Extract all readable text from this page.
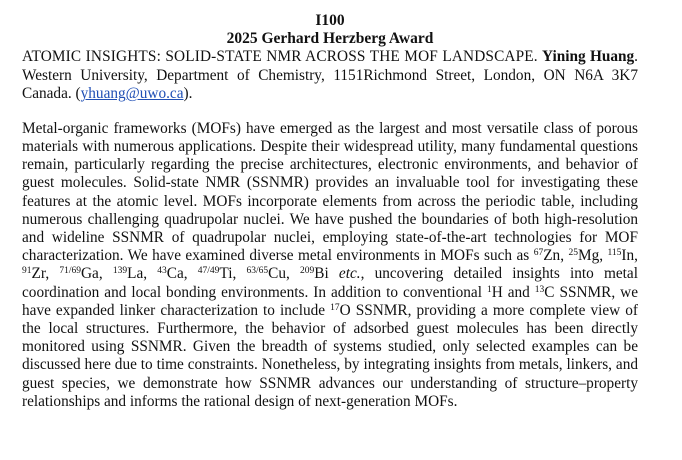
I100
2025 Gerhard Herzberg Award

ATOMIC INSIGHTS: SOLID-STATE NMR ACROSS THE MOF LANDSCAPE. Yining Huang. Western University, Department of Chemistry, 1151Richmond Street, London, ON N6A 3K7 Canada. (yhuang@uwo.ca).

Metal-organic frameworks (MOFs) have emerged as the largest and most versatile class of porous materials with numerous applications. Despite their widespread utility, many fundamental questions remain, particularly regarding the precise architectures, electronic environments, and behavior of guest molecules. Solid-state NMR (SSNMR) provides an invaluable tool for investigating these features at the atomic level. MOFs incorporate elements from across the periodic table, including numerous challenging quadrupolar nuclei. We have pushed the boundaries of both high-resolution and wideline SSNMR of quadrupolar nuclei, employing state-of-the-art technologies for MOF characterization. We have examined diverse metal environments in MOFs such as $^{67}$Zn, $^{25}$Mg, $^{115}$In, $^{91}$Zr, $^{71/69}$Ga, $^{139}$La, $^{43}$Ca, $^{47/49}$Ti, $^{63/65}$Cu, $^{209}$Bi etc., uncovering detailed insights into metal coordination and local bonding environments. In addition to conventional $^1$H and $^{13}$C SSNMR, we have expanded linker characterization to include $^{17}$O SSNMR, providing a more complete view of the local structures. Furthermore, the behavior of adsorbed guest molecules has been directly monitored using SSNMR. Given the breadth of systems studied, only selected examples can be discussed here due to time constraints. Nonetheless, by integrating insights from metals, linkers, and guest species, we demonstrate how SSNMR advances our understanding of structure–property relationships and informs the rational design of next-generation MOFs.
